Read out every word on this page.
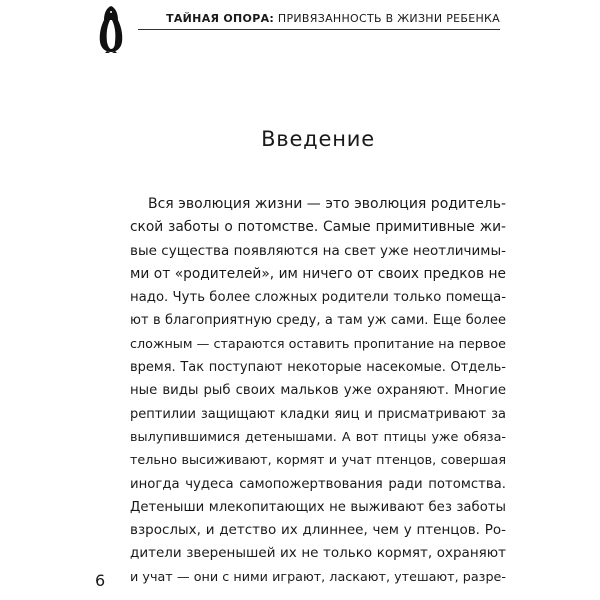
ТАЙНАЯ ОПОРА: ПРИВЯЗАННОСТЬ В ЖИЗНИ РЕБЕНКА
Введение
Вся эволюция жизни — это эволюция родитель-
ской заботы о потомстве. Самые примитивные жи-
вые существа появляются на свет уже неотличимы-
ми от «родителей», им ничего от своих предков не
надо. Чуть более сложных родители только помеща-
ют в благоприятную среду, а там уж сами. Еще более
сложным — стараются оставить пропитание на первое
время. Так поступают некоторые насекомые. Отдель-
ные виды рыб своих мальков уже охраняют. Многие
рептилии защищают кладки яиц и присматривают за
вылупившимися детенышами. А вот птицы уже обяза-
тельно высиживают, кормят и учат птенцов, совершая
иногда чудеса самопожертвования ради потомства.
Детеныши млекопитающих не выживают без заботы
взрослых, и детство их длиннее, чем у птенцов. Ро-
дители зверенышей их не только кормят, охраняют
и учат — они с ними играют, ласкают, утешают, разре-
6
